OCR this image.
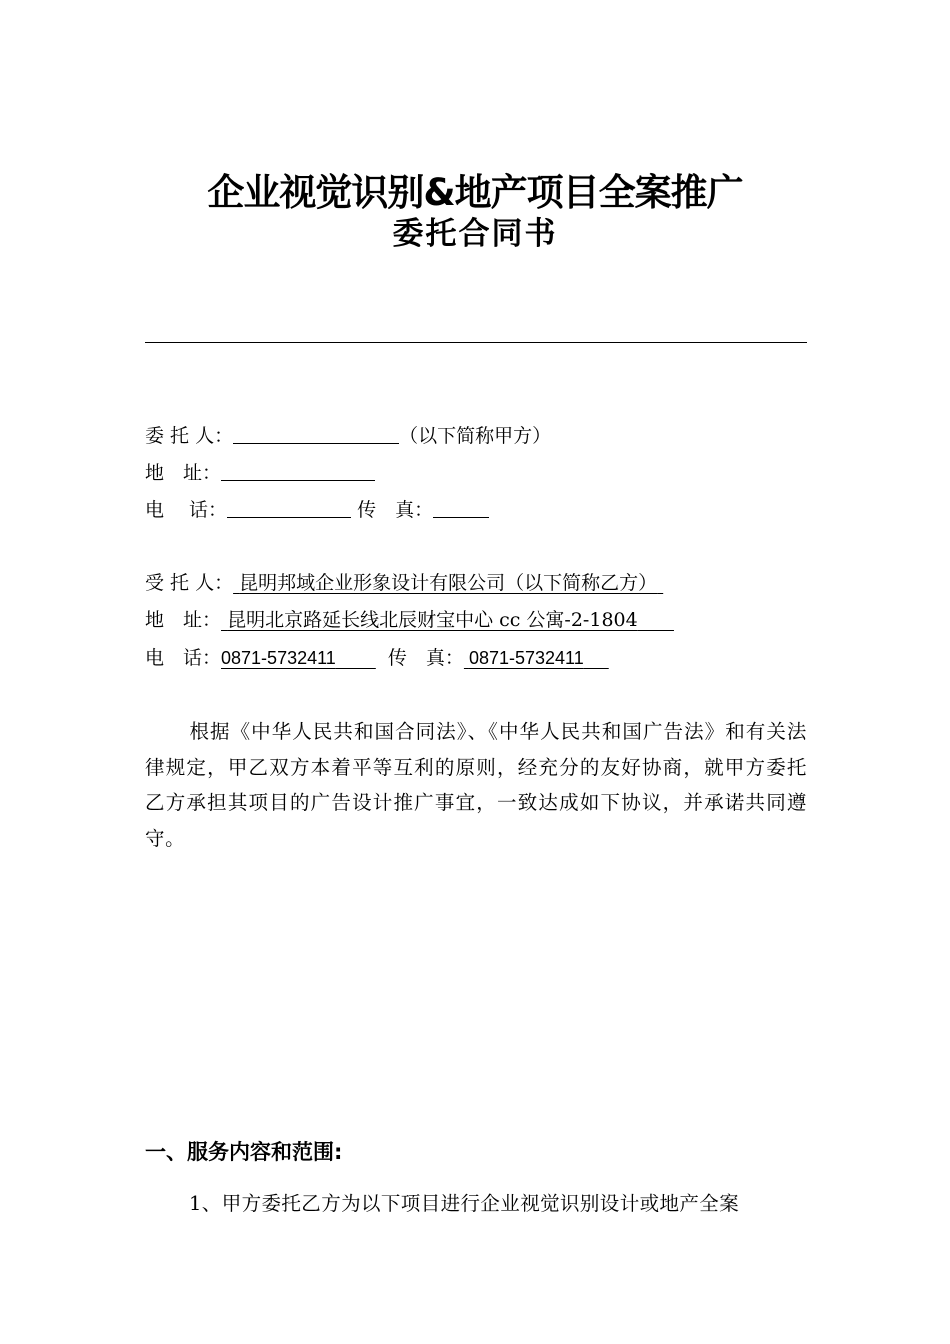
企业视觉识别&地产项目全案推广
委托合同书
委 托 人：	（以下简称甲方）
地　址：
电　 话：	传　真：
受 托 人： 昆明邦域企业形象设计有限公司（以下简称乙方）
地　址： 昆明北京路延长线北辰财宝中心 cc 公寓-2-1804
电　话：0871-5732411	传　真： 0871-5732411
根据《中华人民共和国合同法》、《中华人民共和国广告法》和有关法律规定，甲乙双方本着平等互利的原则，经充分的友好协商，就甲方委托乙方承担其项目的广告设计推广事宜，一致达成如下协议，并承诺共同遵守。
一、服务内容和范围:
1、甲方委托乙方为以下项目进行企业视觉识别设计或地产全案
